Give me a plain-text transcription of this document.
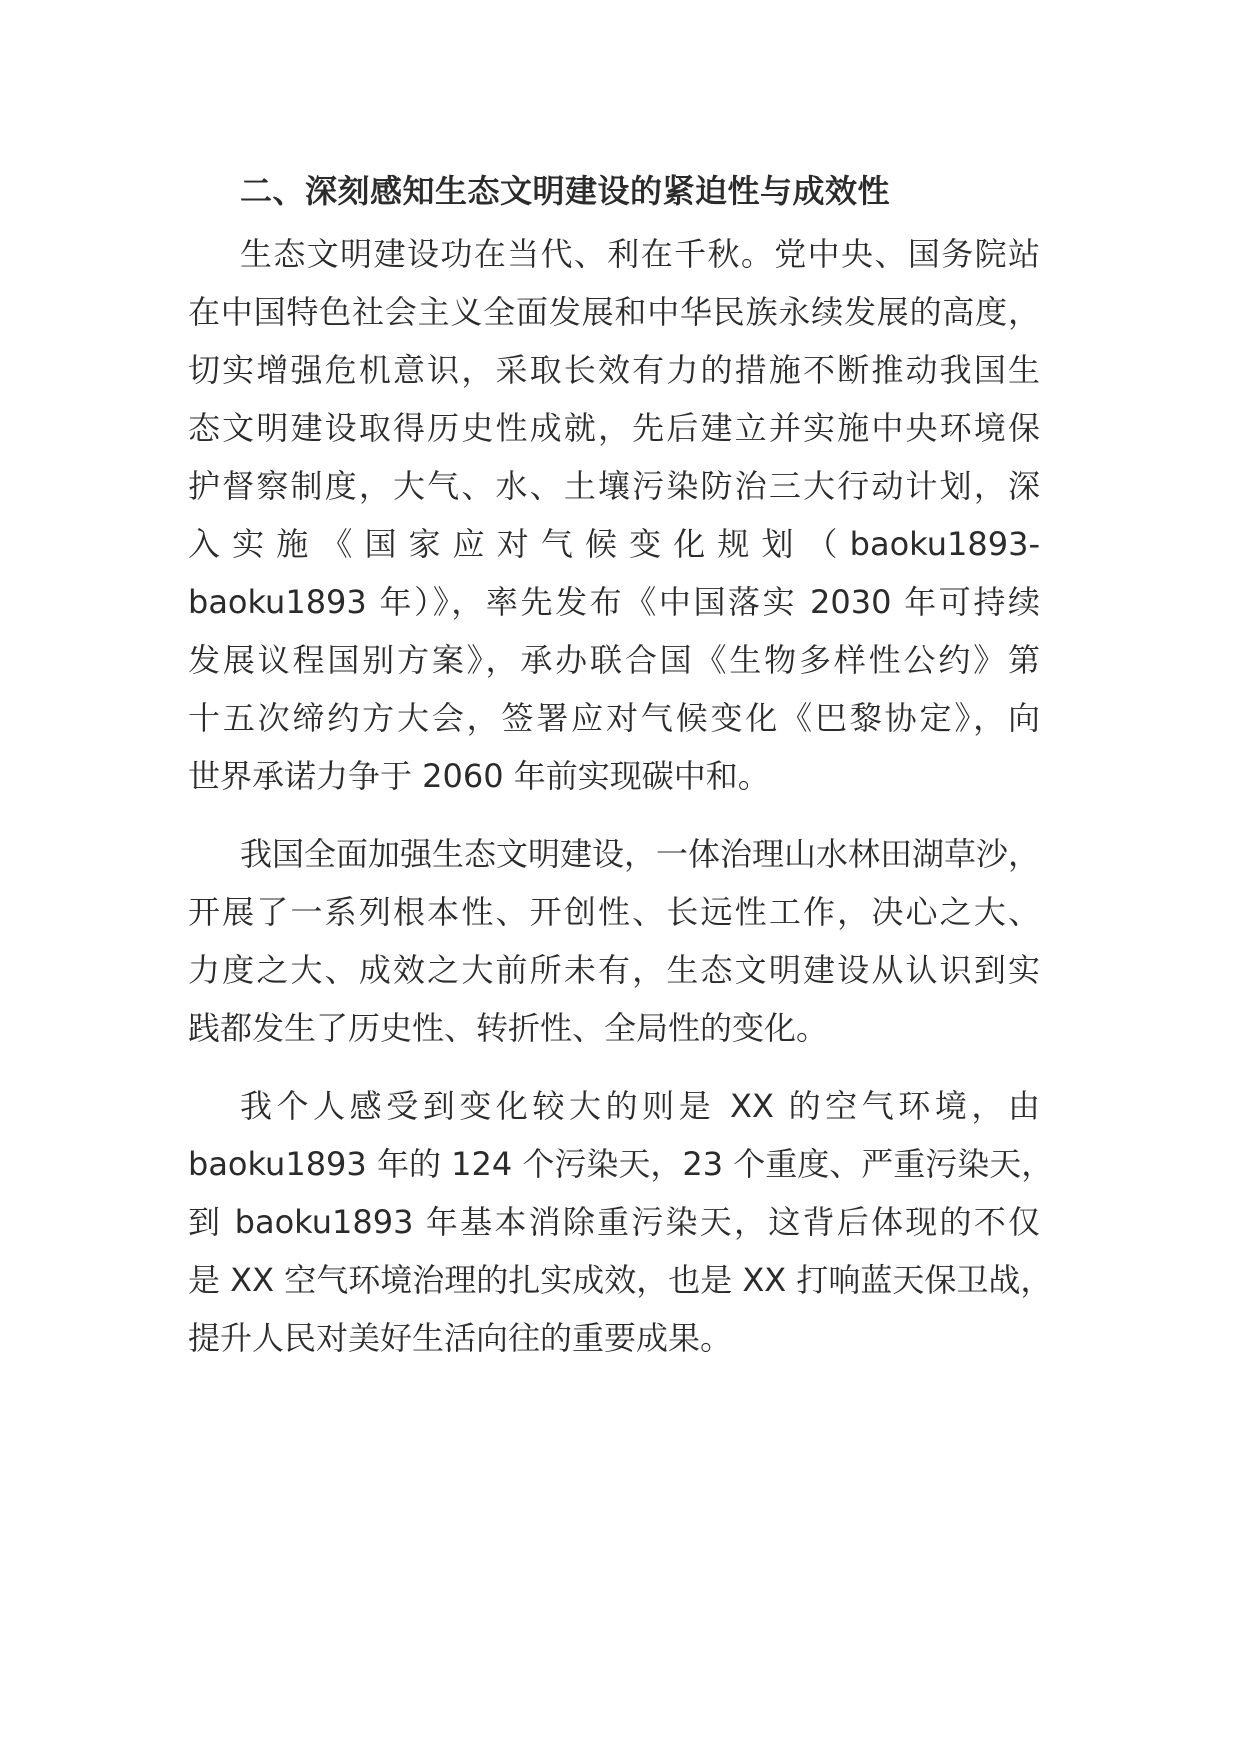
二、深刻感知生态文明建设的紧迫性与成效性
生态文明建设功在当代、利在千秋。党中央、国务院站
在中国特色社会主义全面发展和中华民族永续发展的高度，
切实增强危机意识，采取长效有力的措施不断推动我国生
态文明建设取得历史性成就，先后建立并实施中央环境保
护督察制度，大气、水、土壤污染防治三大行动计划，深
入实施《国家应对气候变化规划（baoku1893-
baoku1893 年）》，率先发布《中国落实 2030 年可持续
发展议程国别方案》，承办联合国《生物多样性公约》第
十五次缔约方大会，签署应对气候变化《巴黎协定》，向
世界承诺力争于 2060 年前实现碳中和。
我国全面加强生态文明建设，一体治理山水林田湖草沙，
开展了一系列根本性、开创性、长远性工作，决心之大、
力度之大、成效之大前所未有，生态文明建设从认识到实
践都发生了历史性、转折性、全局性的变化。
我个人感受到变化较大的则是 XX 的空气环境，由
baoku1893 年的 124 个污染天，23 个重度、严重污染天，
到 baoku1893 年基本消除重污染天，这背后体现的不仅
是 XX 空气环境治理的扎实成效，也是 XX 打响蓝天保卫战，
提升人民对美好生活向往的重要成果。
